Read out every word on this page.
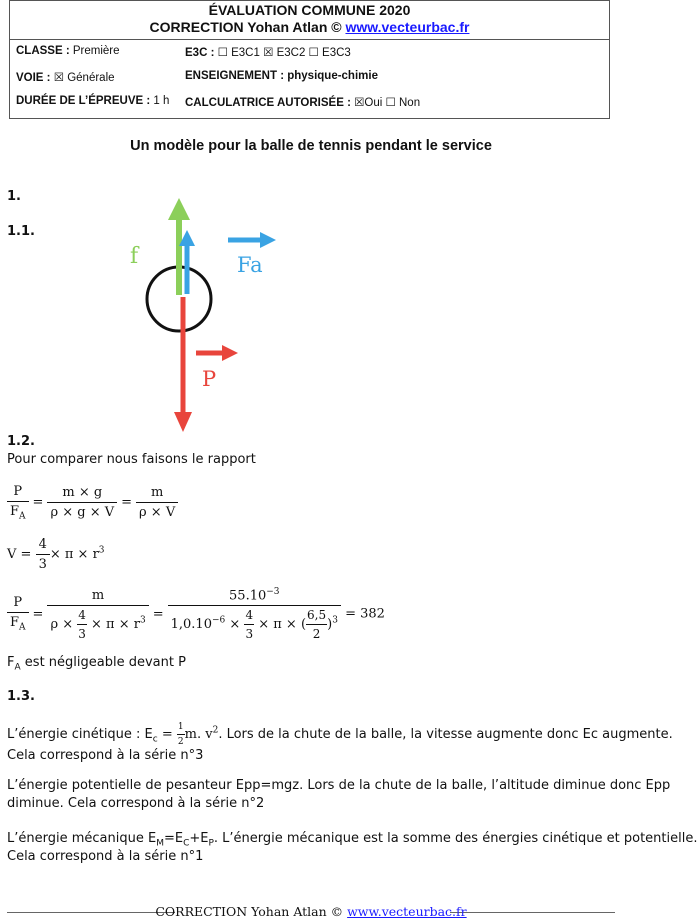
ÉVALUATION COMMUNE 2020
CORRECTION Yohan Atlan © www.vecteurbac.fr
CLASSE : Première	E3C : ☐ E3C1 ☒ E3C2 ☐ E3C3
VOIE : ☒ Générale	ENSEIGNEMENT : physique-chimie
DURÉE DE L’ÉPREUVE : 1 h CALCULATRICE AUTORISÉE : ☒Oui ☐ Non
Un modèle pour la balle de tennis pendant le service
1.
1.1.
f	Fa
P
1.2.
Pour comparer nous faisons le rapport
$\frac{P}{F_A} = \frac{m \times g}{\rho \times g \times V} = \frac{m}{\rho \times V}$
$V = \frac{4}{3} \times \pi \times r^3$
$\frac{P}{F_A} = \frac{m}{\rho \times \frac{4}{3} \times \pi \times r^3} = \frac{55.10^{-3}}{1,0.10^{-6} \times \frac{4}{3} \times \pi \times ( \frac{6,5}{2} )^3} = 382$
$F_A$ est négligeable devant P
1.3.
L’énergie cinétique : $E_c = \frac{1}{2} m$. $v^2$. Lors de la chute de la balle, la vitesse augmente donc Ec augmente.
Cela correspond à la série n°3
L’énergie potentielle de pesanteur Epp=mgz. Lors de la chute de la balle, l’altitude diminue donc Epp
diminue. Cela correspond à la série n°2
L’énergie mécanique $E_M=E_C+E_P$. L’énergie mécanique est la somme des énergies cinétique et potentielle.
Cela correspond à la série n°1
CORRECTION Yohan Atlan © www.vecteurbac.fr
